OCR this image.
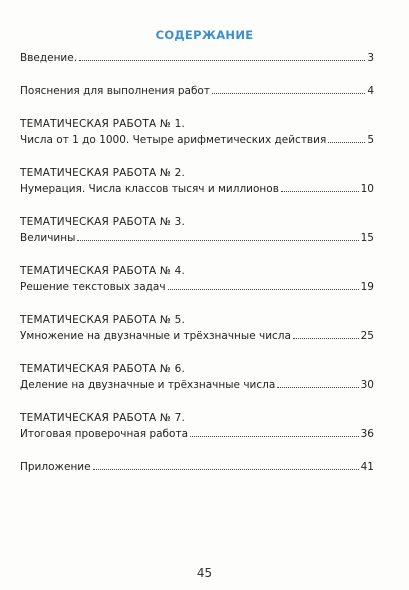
СОДЕРЖАНИЕ
Введение.	3
Пояснения для выполнения работ	4
ТЕМАТИЧЕСКАЯ РАБОТА № 1.
Числа от 1 до 1000. Четыре арифметических действия	5
ТЕМАТИЧЕСКАЯ РАБОТА № 2.
Нумерация. Числа классов тысяч и миллионов	10
ТЕМАТИЧЕСКАЯ РАБОТА № 3.
Величины	15
ТЕМАТИЧЕСКАЯ РАБОТА № 4.
Решение текстовых задач	19
ТЕМАТИЧЕСКАЯ РАБОТА № 5.
Умножение на двузначные и трёхзначные числа	25
ТЕМАТИЧЕСКАЯ РАБОТА № 6.
Деление на двузначные и трёхзначные числа	30
ТЕМАТИЧЕСКАЯ РАБОТА № 7.
Итоговая проверочная работа	36
Приложение	41
45
